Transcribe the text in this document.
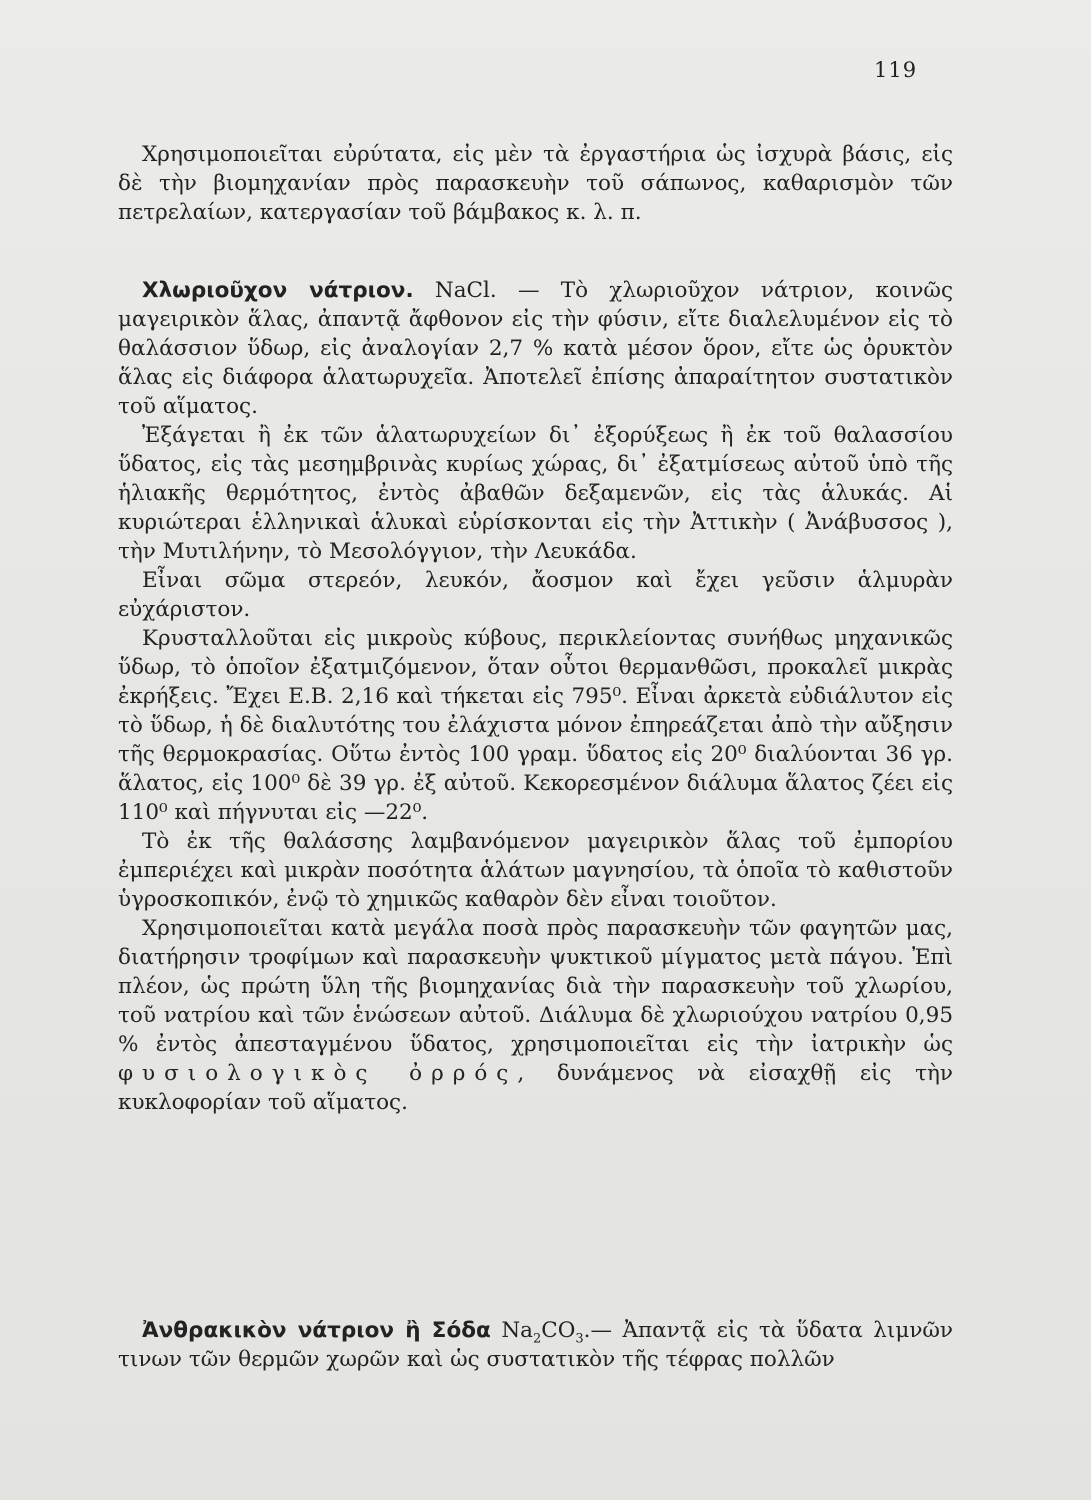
119

Χρησιμοποιεῖται εὐρύτατα, εἰς μὲν τὰ ἐργαστήρια ὡς ἰσχυρὰ βάσις, εἰς δὲ τὴν βιομηχανίαν πρὸς παρασκευὴν τοῦ σάπωνος, καθαρισμὸν τῶν πετρελαίων, κατεργασίαν τοῦ βάμβακος κ. λ. π.

Χλωριοῦχον νάτριον. NaCl. — Τὸ χλωριοῦχον νάτριον, κοινῶς μαγειρικὸν ἅλας, ἀπαντᾷ ἄφθονον εἰς τὴν φύσιν, εἴτε διαλελυμένον εἰς τὸ θαλάσσιον ὕδωρ, εἰς ἀναλογίαν 2,7 % κατὰ μέσον ὅρον, εἴτε ὡς ὀρυκτὸν ἅλας εἰς διάφορα ἁλατωρυχεῖα. Ἀποτελεῖ ἐπίσης ἀπαραίτητον συστατικὸν τοῦ αἵματος.

Ἐξάγεται ἢ ἐκ τῶν ἁλατωρυχείων δι᾽ ἐξορύξεως ἢ ἐκ τοῦ θαλασσίου ὕδατος, εἰς τὰς μεσημβρινὰς κυρίως χώρας, δι᾽ ἐξατμίσεως αὐτοῦ ὑπὸ τῆς ἡλιακῆς θερμότητος, ἐντὸς ἀβαθῶν δεξαμενῶν, εἰς τὰς ἁλυκάς. Αἱ κυριώτεραι ἑλληνικαὶ ἁλυκαὶ εὑρίσκονται εἰς τὴν Ἀττικὴν ( Ἀνάβυσσος ), τὴν Μυτιλήνην, τὸ Μεσολόγγιον, τὴν Λευκάδα.

Εἶναι σῶμα στερεόν, λευκόν, ἄοσμον καὶ ἔχει γεῦσιν ἁλμυρὰν εὐχάριστον.

Κρυσταλλοῦται εἰς μικροὺς κύβους, περικλείοντας συνήθως μηχανικῶς ὕδωρ, τὸ ὁποῖον ἐξατμιζόμενον, ὅταν οὗτοι θερμανθῶσι, προκαλεῖ μικρὰς ἐκρήξεις. Ἔχει Ε.Β. 2,16 καὶ τήκεται εἰς 795⁰. Εἶναι ἀρκετὰ εὐδιάλυτον εἰς τὸ ὕδωρ, ἡ δὲ διαλυτότης του ἐλάχιστα μόνον ἐπηρεάζεται ἀπὸ τὴν αὔξησιν τῆς θερμοκρασίας. Οὕτω ἐντὸς 100 γραμ. ὕδατος εἰς 20⁰ διαλύονται 36 γρ. ἅλατος, εἰς 100⁰ δὲ 39 γρ. ἐξ αὐτοῦ. Κεκορεσμένον διάλυμα ἅλατος ζέει εἰς 110⁰ καὶ πήγνυται εἰς —22⁰.

Τὸ ἐκ τῆς θαλάσσης λαμβανόμενον μαγειρικὸν ἅλας τοῦ ἐμπορίου ἐμπεριέχει καὶ μικρὰν ποσότητα ἁλάτων μαγνησίου, τὰ ὁποῖα τὸ καθιστοῦν ὑγροσκοπικόν, ἐνῷ τὸ χημικῶς καθαρὸν δὲν εἶναι τοιοῦτον.

Χρησιμοποιεῖται κατὰ μεγάλα ποσὰ πρὸς παρασκευὴν τῶν φαγητῶν μας, διατήρησιν τροφίμων καὶ παρασκευὴν ψυκτικοῦ μίγματος μετὰ πάγου. Ἐπὶ πλέον, ὡς πρώτη ὕλη τῆς βιομηχανίας διὰ τὴν παρασκευὴν τοῦ χλωρίου, τοῦ νατρίου καὶ τῶν ἑνώσεων αὐτοῦ. Διάλυμα δὲ χλωριούχου νατρίου 0,95 % ἐντὸς ἀπεσταγμένου ὕδατος, χρησιμοποιεῖται εἰς τὴν ἰατρικὴν ὡς φυσιολογικὸς ὀρρός, δυνάμενος νὰ εἰσαχθῇ εἰς τὴν κυκλοφορίαν τοῦ αἵματος.

Ἀνθρακικὸν νάτριον ἢ Σόδα $Na_2CO_3.—$ Ἀπαντᾷ εἰς τὰ ὕδατα λιμνῶν τινων τῶν θερμῶν χωρῶν καὶ ὡς συστατικὸν τῆς τέφρας πολλῶν
